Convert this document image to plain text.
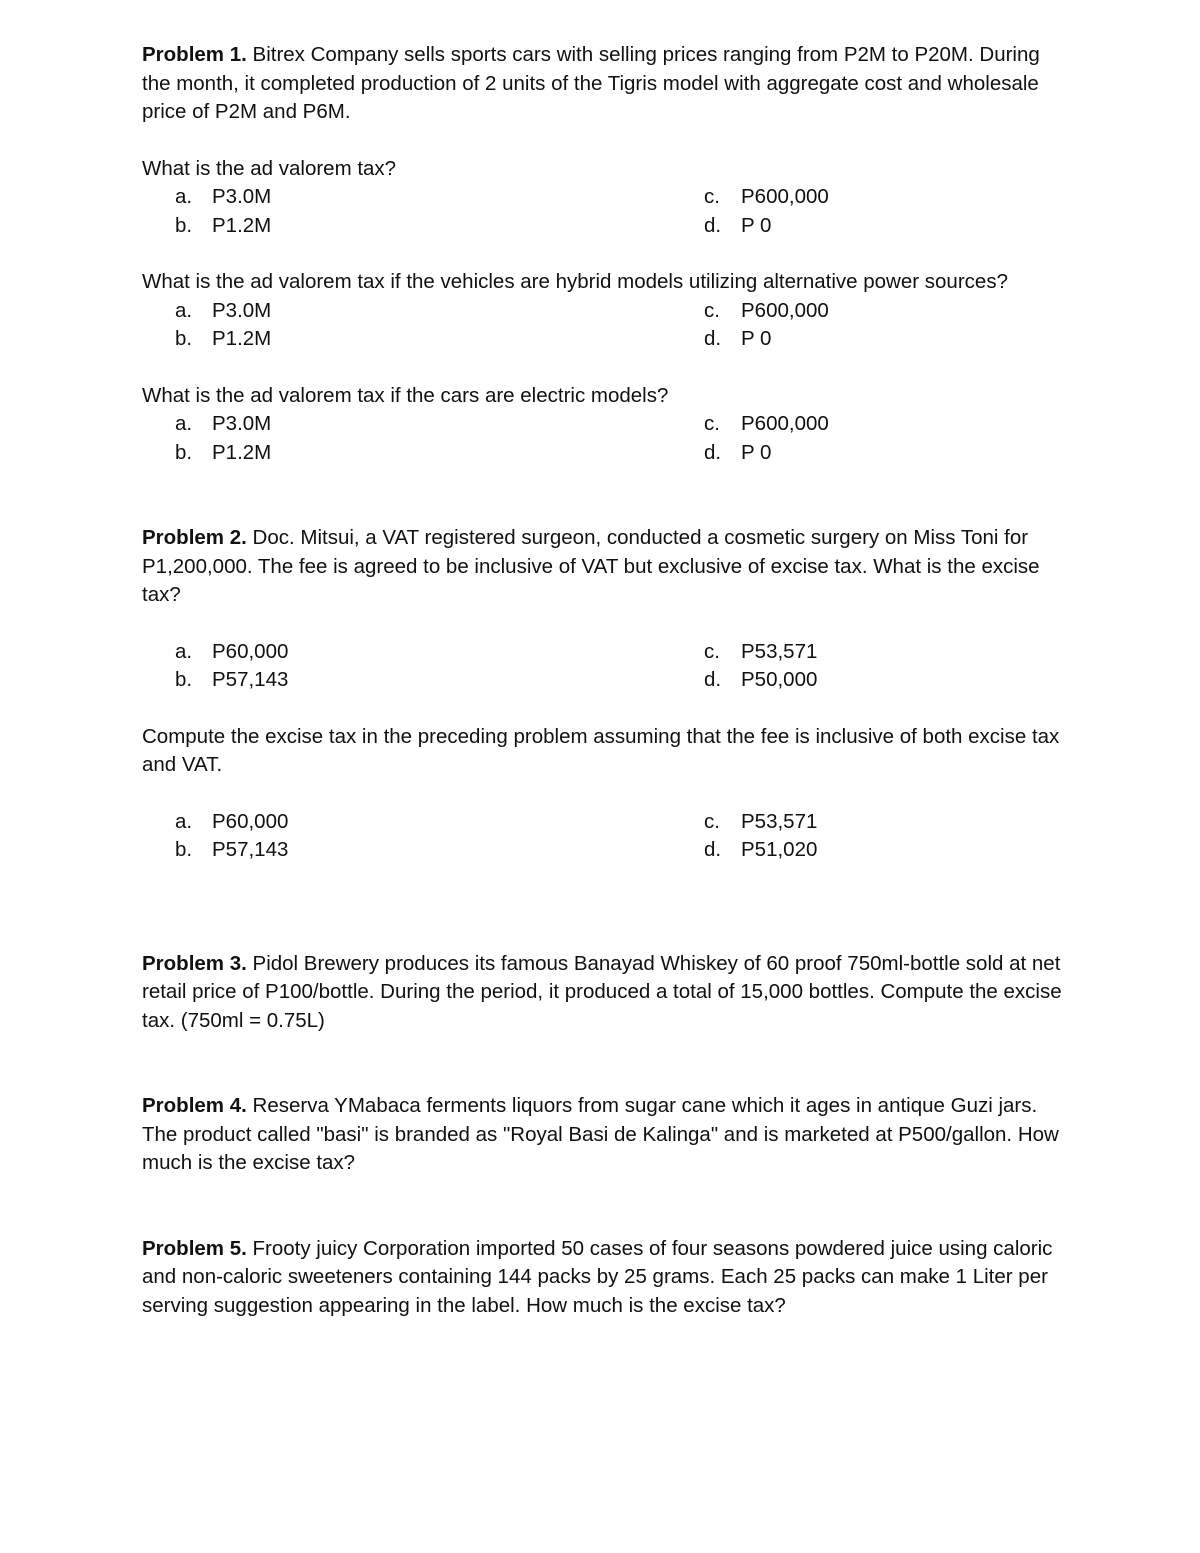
Problem 1. Bitrex Company sells sports cars with selling prices ranging from P2M to P20M. During the month, it completed production of 2 units of the Tigris model with aggregate cost and wholesale price of P2M and P6M.

What is the ad valorem tax?

a. P3.0M	c.	P600,000
b. P1.2M	d. P 0

What is the ad valorem tax if the vehicles are hybrid models utilizing alternative power sources?

a. P3.0M	c.	P600,000
b. P1.2M	d. P 0

What is the ad valorem tax if the cars are electric models?

a. P3.0M	c.	P600,000
b. P1.2M	d. P 0

Problem 2. Doc. Mitsui, a VAT registered surgeon, conducted a cosmetic surgery on Miss Toni for P1,200,000. The fee is agreed to be inclusive of VAT but exclusive of excise tax. What is the excise tax?

a. P60,000	c.	P53,571
b. P57,143	d. P50,000

Compute the excise tax in the preceding problem assuming that the fee is inclusive of both excise tax and VAT.

a. P60,000	c.	P53,571
b. P57,143	d. P51,020

Problem 3. Pidol Brewery produces its famous Banayad Whiskey of 60 proof 750ml-bottle sold at net retail price of P100/bottle. During the period, it produced a total of 15,000 bottles. Compute the excise tax. (750ml = 0.75L)

Problem 4. Reserva YMabaca ferments liquors from sugar cane which it ages in antique Guzi jars. The product called "basi" is branded as "Royal Basi de Kalinga" and is marketed at P500/gallon. How much is the excise tax?

Problem 5. Frooty juicy Corporation imported 50 cases of four seasons powdered juice using caloric and non-caloric sweeteners containing 144 packs by 25 grams. Each 25 packs can make 1 Liter per serving suggestion appearing in the label. How much is the excise tax?
